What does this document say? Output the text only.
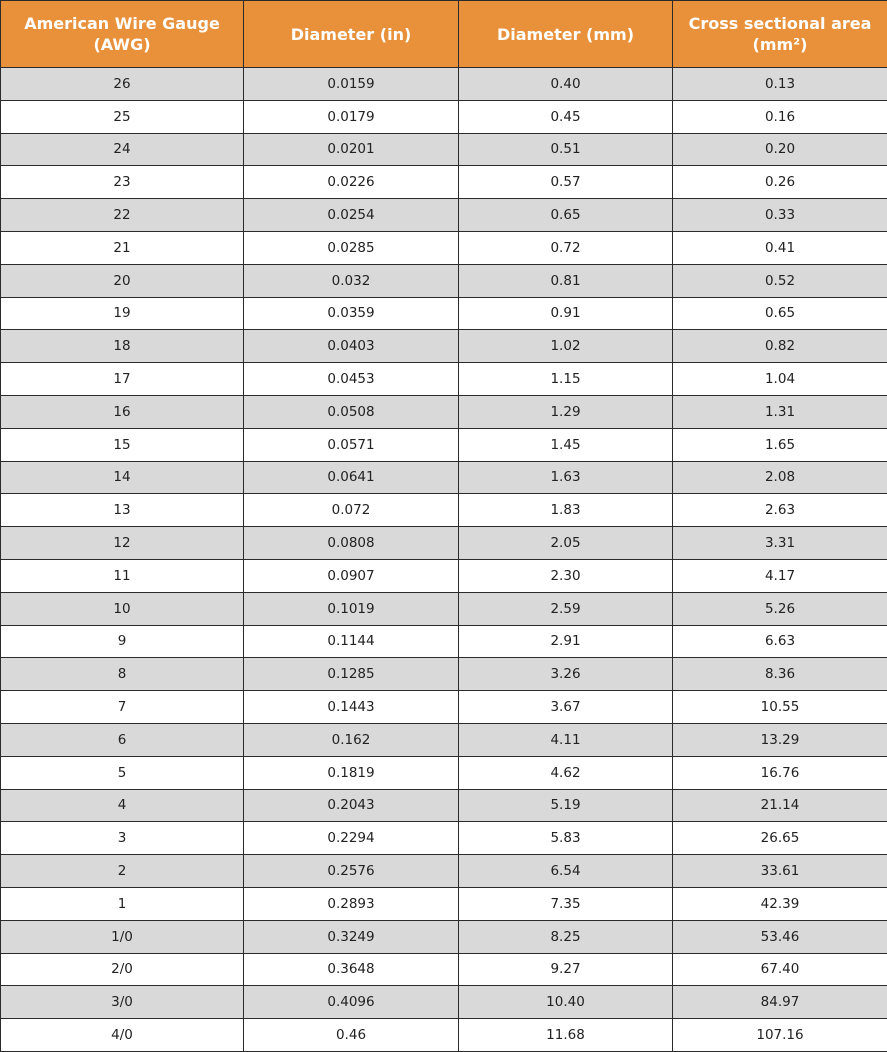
American Wire Gauge (AWG)	Diameter (in)	Diameter (mm)	Cross sectional area (mm²)
26	0.0159	0.40	0.13
25	0.0179	0.45	0.16
24	0.0201	0.51	0.20
23	0.0226	0.57	0.26
22	0.0254	0.65	0.33
21	0.0285	0.72	0.41
20	0.032	0.81	0.52
19	0.0359	0.91	0.65
18	0.0403	1.02	0.82
17	0.0453	1.15	1.04
16	0.0508	1.29	1.31
15	0.0571	1.45	1.65
14	0.0641	1.63	2.08
13	0.072	1.83	2.63
12	0.0808	2.05	3.31
11	0.0907	2.30	4.17
10	0.1019	2.59	5.26
9	0.1144	2.91	6.63
8	0.1285	3.26	8.36
7	0.1443	3.67	10.55
6	0.162	4.11	13.29
5	0.1819	4.62	16.76
4	0.2043	5.19	21.14
3	0.2294	5.83	26.65
2	0.2576	6.54	33.61
1	0.2893	7.35	42.39
1/0	0.3249	8.25	53.46
2/0	0.3648	9.27	67.40
3/0	0.4096	10.40	84.97
4/0	0.46	11.68	107.16
